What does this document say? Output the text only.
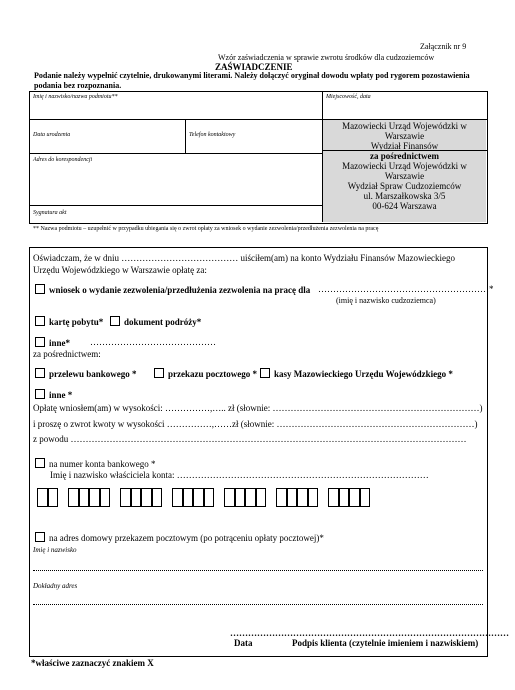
Załącznik nr 9
Wzór zaświadczenia w sprawie zwrotu środków dla cudzoziemców
ZAŚWIADCZENIE
Podanie należy wypełnić czytelnie, drukowanymi literami. Należy dołączyć oryginał dowodu wpłaty pod rygorem pozostawienia podania bez rozpoznania.
Imię i nazwisko/nazwa podmiotu**	Miejscowość, data
Data urodzenia	Telefon kontaktowy
Adres do korespondencji
Sygnatura akt
Mazowiecki Urząd Wojewódzki w Warszawie
Wydział Finansów
za pośrednictwem
Mazowiecki Urząd Wojewódzki w Warszawie
Wydział Spraw Cudzoziemców
ul. Marszałkowska 3/5
00-624 Warszawa
** Nazwa podmiotu – uzupełnić w przypadku ubiegania się o zwrot opłaty za wniosek o wydanie zezwolenia/przedłużenia zezwolenia na pracę
Oświadczam, że w dniu ………………………………… uiściłem(am) na konto Wydziału Finansów Mazowieckiego
Urzędu Wojewódzkiego w Warszawie opłatę za:
wniosek o wydanie zezwolenia/przedłużenia zezwolenia na pracę dla …………………………………………………*
(imię i nazwisko cudzoziemca)
kartę pobytu*	dokument podróży*
inne* ……………………………………
za pośrednictwem:
przelewu bankowego *	przekazu pocztowego *	kasy Mazowieckiego Urzędu Wojewódzkiego *
inne *
Opłatę wniosłem(am) w wysokości: ……………,….. zł (słownie: ……………………………………………………………)
i proszę o zwrot kwoty w wysokości ……………,……zł (słownie: …………………………………………………………)
z powodu ……………………………………………………………………………………………………………………
na numer konta bankowego *
Imię i nazwisko właściciela konta: …………………………………………………………………………
na adres domowy przekazem pocztowym (po potrąceniu opłaty pocztowej)*
Imię i nazwisko
Dokładny adres
…………………………………………………………………………………
Data	Podpis klienta (czytelnie imieniem i nazwiskiem)
*właściwe zaznaczyć znakiem X
